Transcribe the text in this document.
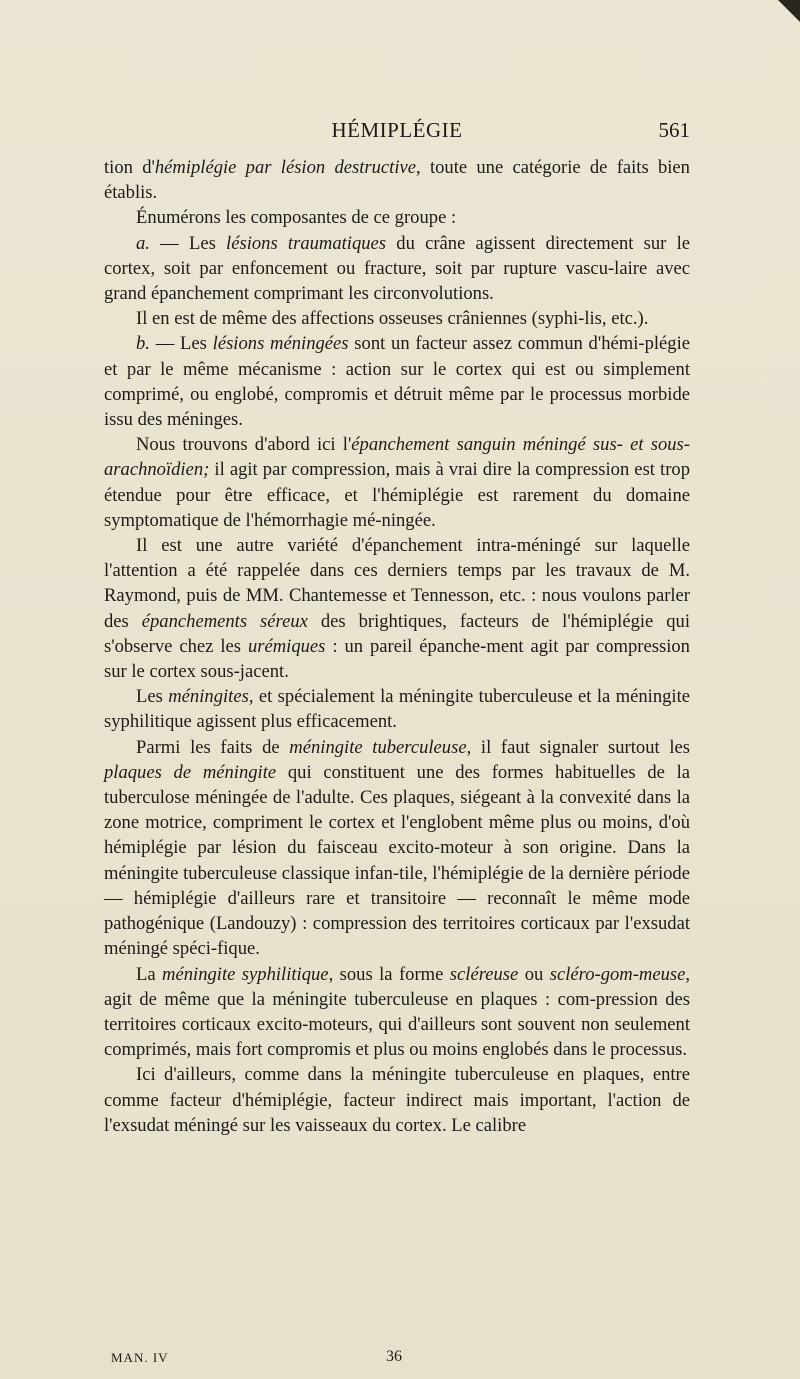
HÉMIPLÉGIE	561

tion d'hémiplégie par lésion destructive, toute une catégorie de faits bien établis.

Énumérons les composantes de ce groupe :

a. — Les lésions traumatiques du crâne agissent directement sur le cortex, soit par enfoncement ou fracture, soit par rupture vascu-laire avec grand épanchement comprimant les circonvolutions.

Il en est de même des affections osseuses crâniennes (syphi-lis, etc.).

b. — Les lésions méningées sont un facteur assez commun d'hémi-plégie et par le même mécanisme : action sur le cortex qui est ou simplement comprimé, ou englobé, compromis et détruit même par le processus morbide issu des méninges.

Nous trouvons d'abord ici l'épanchement sanguin méningé sus- et sous-arachnoïdien; il agit par compression, mais à vrai dire la compression est trop étendue pour être efficace, et l'hémiplégie est rarement du domaine symptomatique de l'hémorrhagie mé-ningée.

Il est une autre variété d'épanchement intra-méningé sur laquelle l'attention a été rappelée dans ces derniers temps par les travaux de M. Raymond, puis de MM. Chantemesse et Tennesson, etc. : nous voulons parler des épanchements séreux des brightiques, facteurs de l'hémiplégie qui s'observe chez les urémiques : un pareil épanche-ment agit par compression sur le cortex sous-jacent.

Les méningites, et spécialement la méningite tuberculeuse et la méningite syphilitique agissent plus efficacement.

Parmi les faits de méningite tuberculeuse, il faut signaler surtout les plaques de méningite qui constituent une des formes habituelles de la tuberculose méningée de l'adulte. Ces plaques, siégeant à la convexité dans la zone motrice, compriment le cortex et l'englobent même plus ou moins, d'où hémiplégie par lésion du faisceau excito-moteur à son origine. Dans la méningite tuberculeuse classique infan-tile, l'hémiplégie de la dernière période — hémiplégie d'ailleurs rare et transitoire — reconnaît le même mode pathogénique (Landouzy) : compression des territoires corticaux par l'exsudat méningé spéci-fique.

La méningite syphilitique, sous la forme scléreuse ou scléro-gom-meuse, agit de même que la méningite tuberculeuse en plaques : com-pression des territoires corticaux excito-moteurs, qui d'ailleurs sont souvent non seulement comprimés, mais fort compromis et plus ou moins englobés dans le processus.

Ici d'ailleurs, comme dans la méningite tuberculeuse en plaques, entre comme facteur d'hémiplégie, facteur indirect mais important, l'action de l'exsudat méningé sur les vaisseaux du cortex. Le calibre

MAN. IV	36
